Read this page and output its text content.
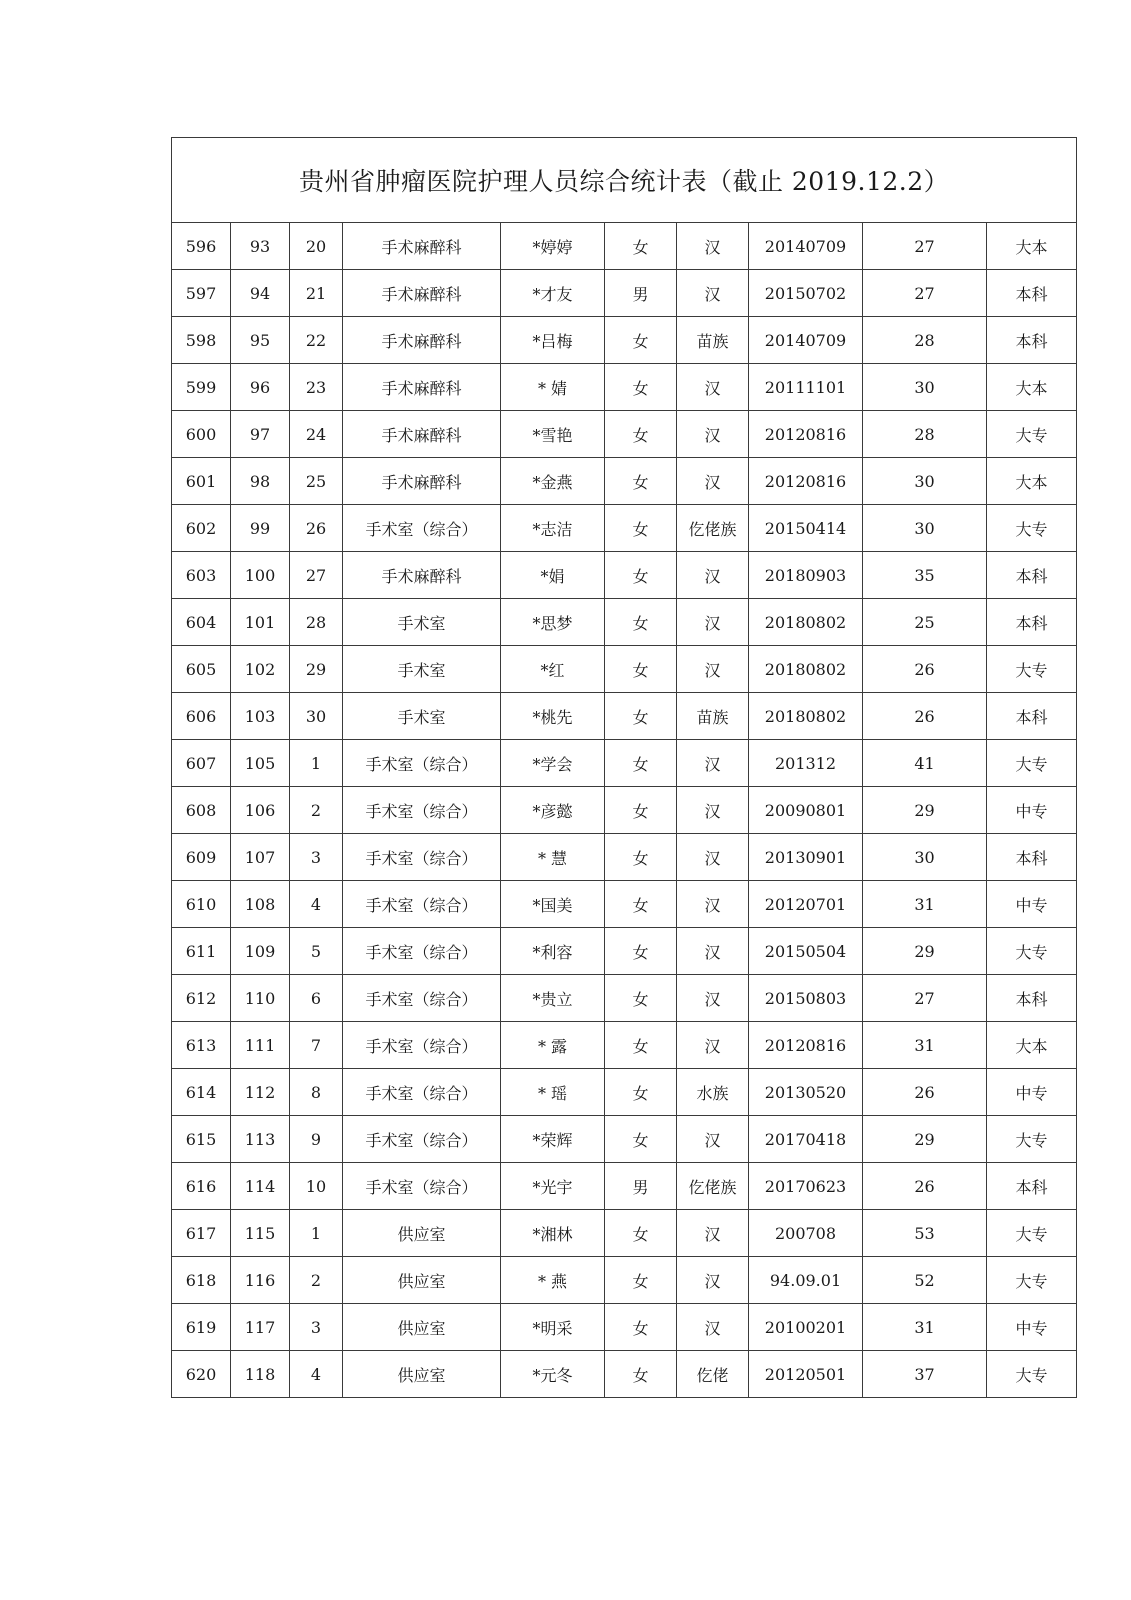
贵州省肿瘤医院护理人员综合统计表（截止 2019.12.2）									
596	93	20	手术麻醉科	*婷婷	女	汉	20140709	27	大本
597	94	21	手术麻醉科	*才友	男	汉	20150702	27	本科
598	95	22	手术麻醉科	*吕梅	女	苗族	20140709	28	本科
599	96	23	手术麻醉科	* 婧	女	汉	20111101	30	大本
600	97	24	手术麻醉科	*雪艳	女	汉	20120816	28	大专
601	98	25	手术麻醉科	*金燕	女	汉	20120816	30	大本
602	99	26	手术室（综合）	*志洁	女	仡佬族	20150414	30	大专
603	100	27	手术麻醉科	*娟	女	汉	20180903	35	本科
604	101	28	手术室	*思梦	女	汉	20180802	25	本科
605	102	29	手术室	*红	女	汉	20180802	26	大专
606	103	30	手术室	*桃先	女	苗族	20180802	26	本科
607	105	1	手术室（综合）	*学会	女	汉	201312	41	大专
608	106	2	手术室（综合）	*彦懿	女	汉	20090801	29	中专
609	107	3	手术室（综合）	* 慧	女	汉	20130901	30	本科
610	108	4	手术室（综合）	*国美	女	汉	20120701	31	中专
611	109	5	手术室（综合）	*利容	女	汉	20150504	29	大专
612	110	6	手术室（综合）	*贵立	女	汉	20150803	27	本科
613	111	7	手术室（综合）	* 露	女	汉	20120816	31	大本
614	112	8	手术室（综合）	* 瑶	女	水族	20130520	26	中专
615	113	9	手术室（综合）	*荣辉	女	汉	20170418	29	大专
616	114	10	手术室（综合）	*光宇	男	仡佬族	20170623	26	本科
617	115	1	供应室	*湘林	女	汉	200708	53	大专
618	116	2	供应室	* 燕	女	汉	94.09.01	52	大专
619	117	3	供应室	*明采	女	汉	20100201	31	中专
620	118	4	供应室	*元冬	女	仡佬	20120501	37	大专
